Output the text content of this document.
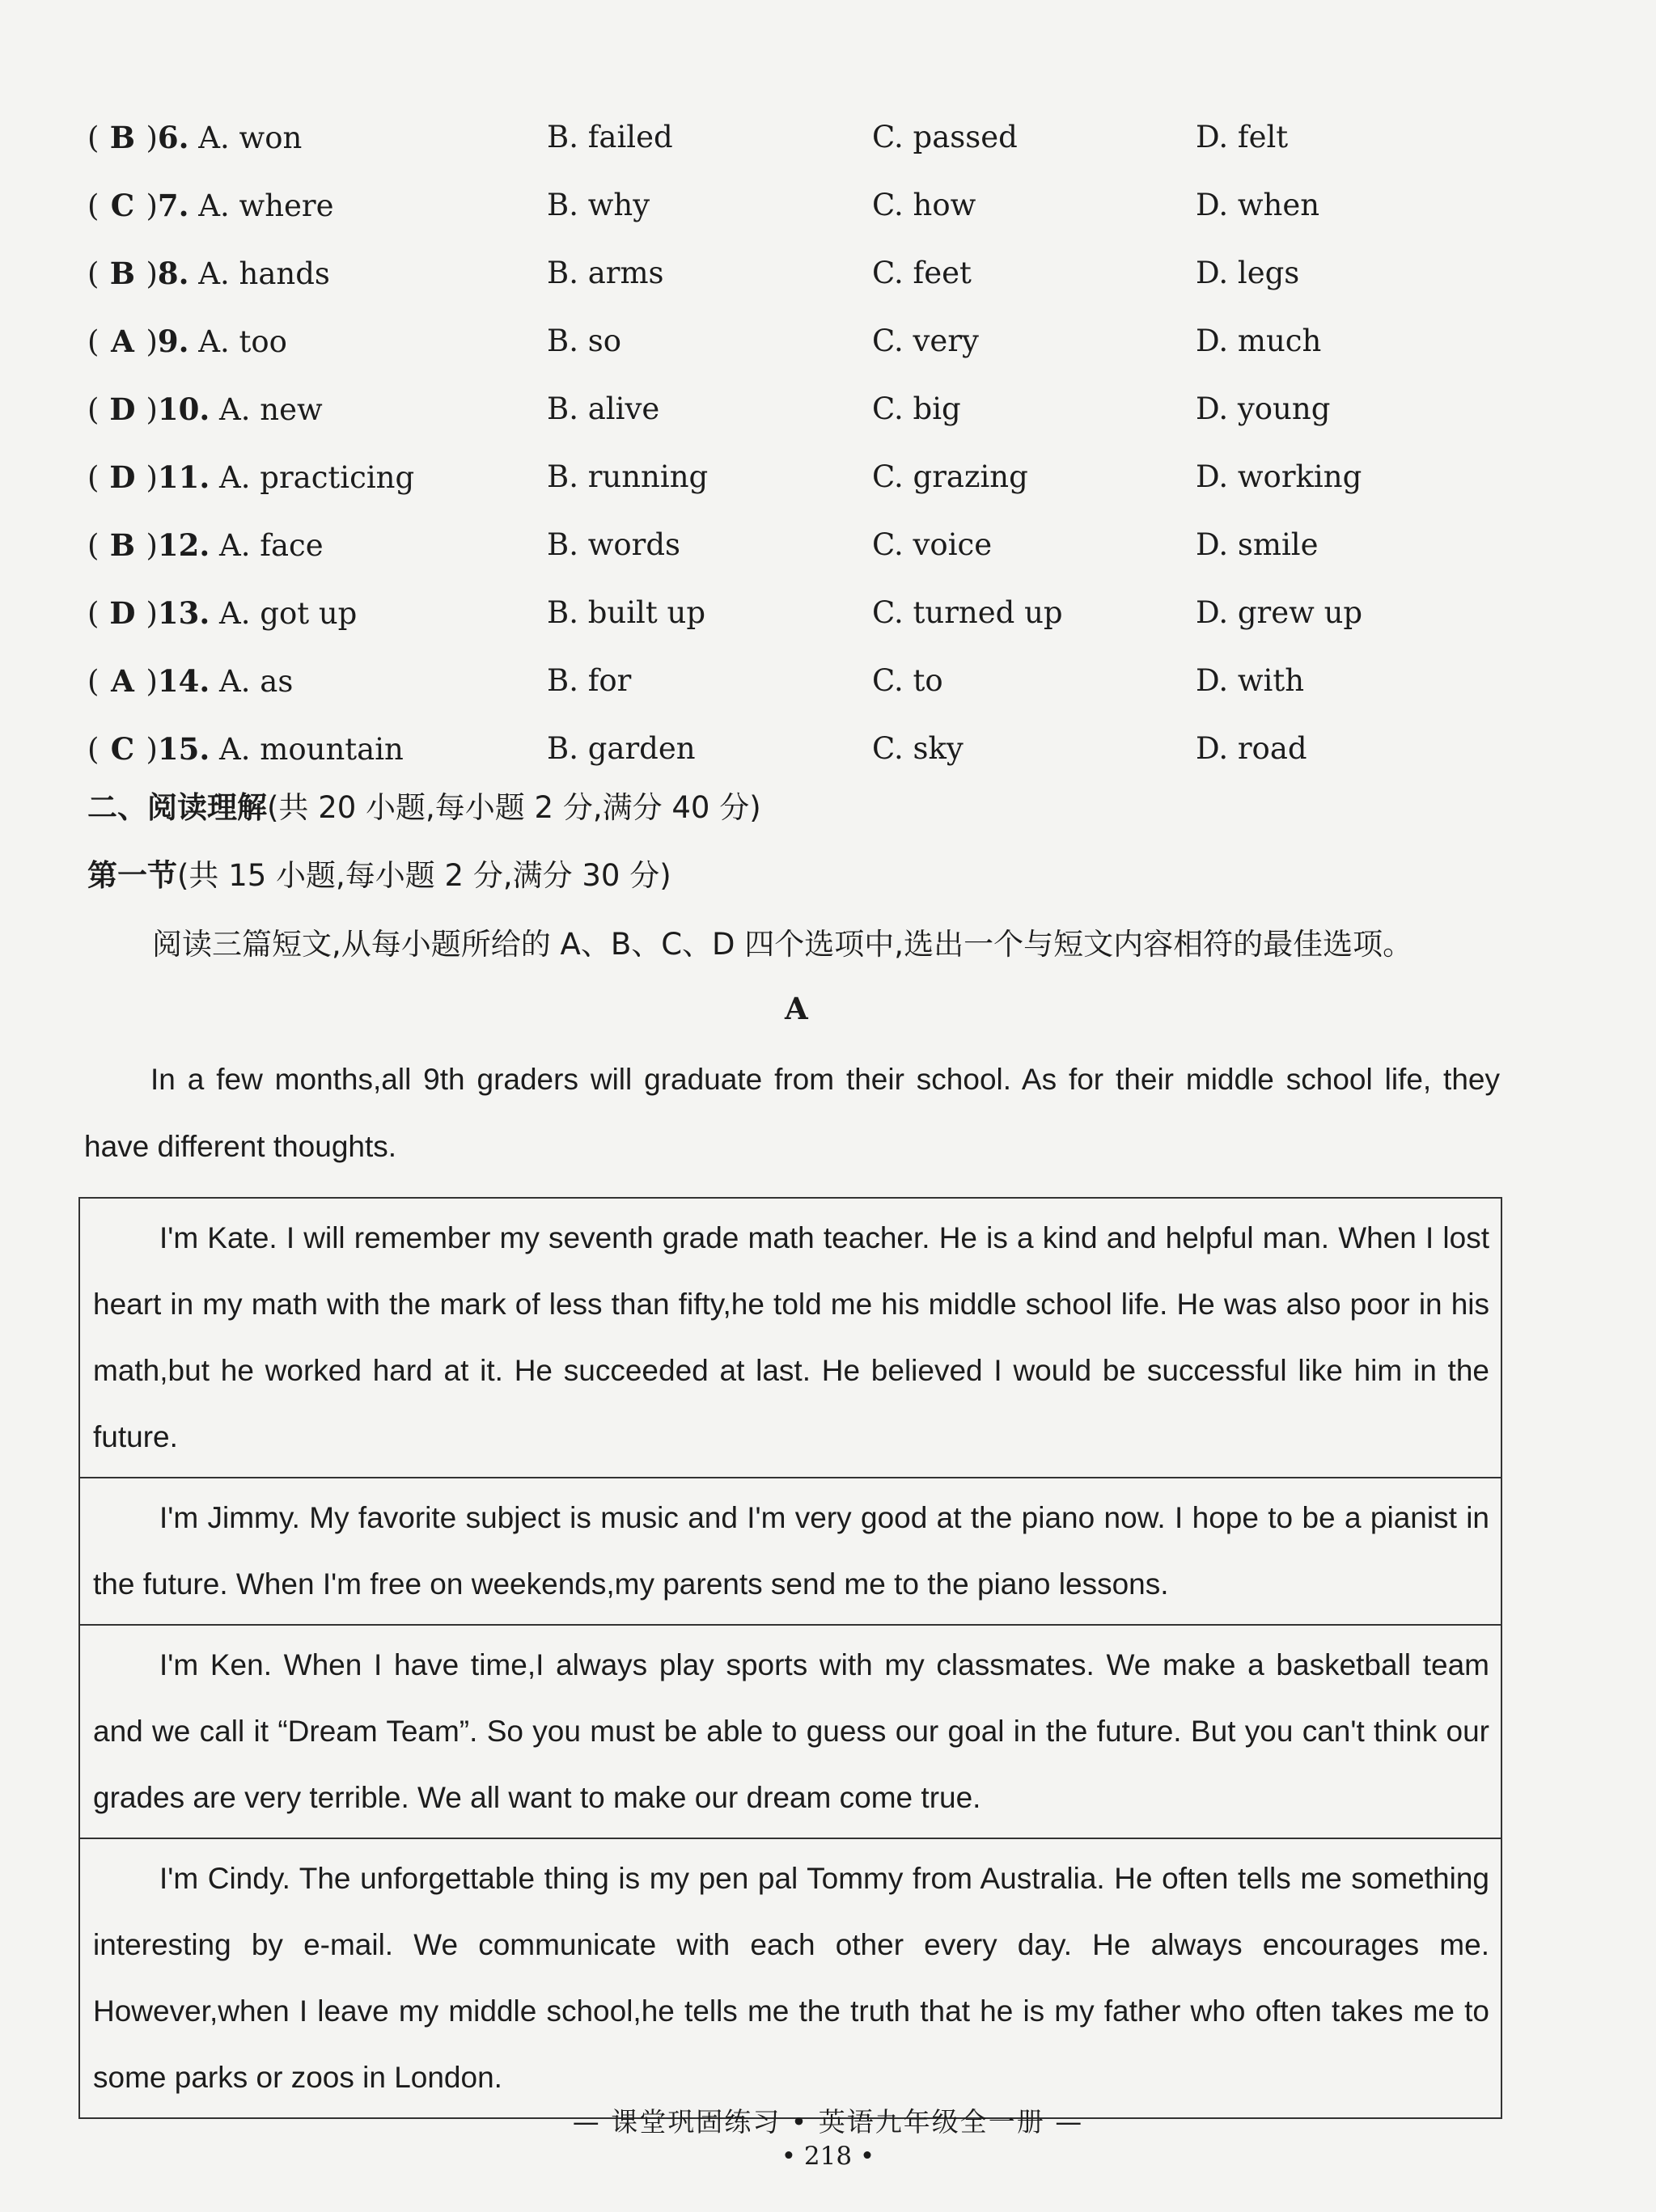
( B )6. A. won	B. failed	C. passed	D. felt
( C )7. A. where	B. why	C. how	D. when
( B )8. A. hands	B. arms	C. feet	D. legs
( A )9. A. too	B. so	C. very	D. much
( D )10. A. new	B. alive	C. big	D. young
( D )11. A. practicing	B. running	C. grazing	D. working
( B )12. A. face	B. words	C. voice	D. smile
( D )13. A. got up	B. built up	C. turned up	D. grew up
( A )14. A. as	B. for	C. to	D. with
( C )15. A. mountain	B. garden	C. sky	D. road
二、阅读理解(共 20 小题,每小题 2 分,满分 40 分)
第一节(共 15 小题,每小题 2 分,满分 30 分)
阅读三篇短文,从每小题所给的 A、B、C、D 四个选项中,选出一个与短文内容相符的最佳选项。
A
In a few months,all 9th graders will graduate from their school. As for their middle school life, they have different thoughts.
I'm Kate. I will remember my seventh grade math teacher. He is a kind and helpful man. When I lost heart in my math with the mark of less than fifty,he told me his middle school life. He was also poor in his math,but he worked hard at it. He succeeded at last. He believed I would be successful like him in the future.
I'm Jimmy. My favorite subject is music and I'm very good at the piano now. I hope to be a pianist in the future. When I'm free on weekends,my parents send me to the piano lessons.
I'm Ken. When I have time,I always play sports with my classmates. We make a basketball team and we call it “Dream Team”. So you must be able to guess our goal in the future. But you can't think our grades are very terrible. We all want to make our dream come true.
I'm Cindy. The unforgettable thing is my pen pal Tommy from Australia. He often tells me something interesting by e-mail. We communicate with each other every day. He always encourages me. However,when I leave my middle school,he tells me the truth that he is my father who often takes me to some parks or zoos in London.
— 课堂巩固练习 • 英语九年级全一册 —
• 218 •
